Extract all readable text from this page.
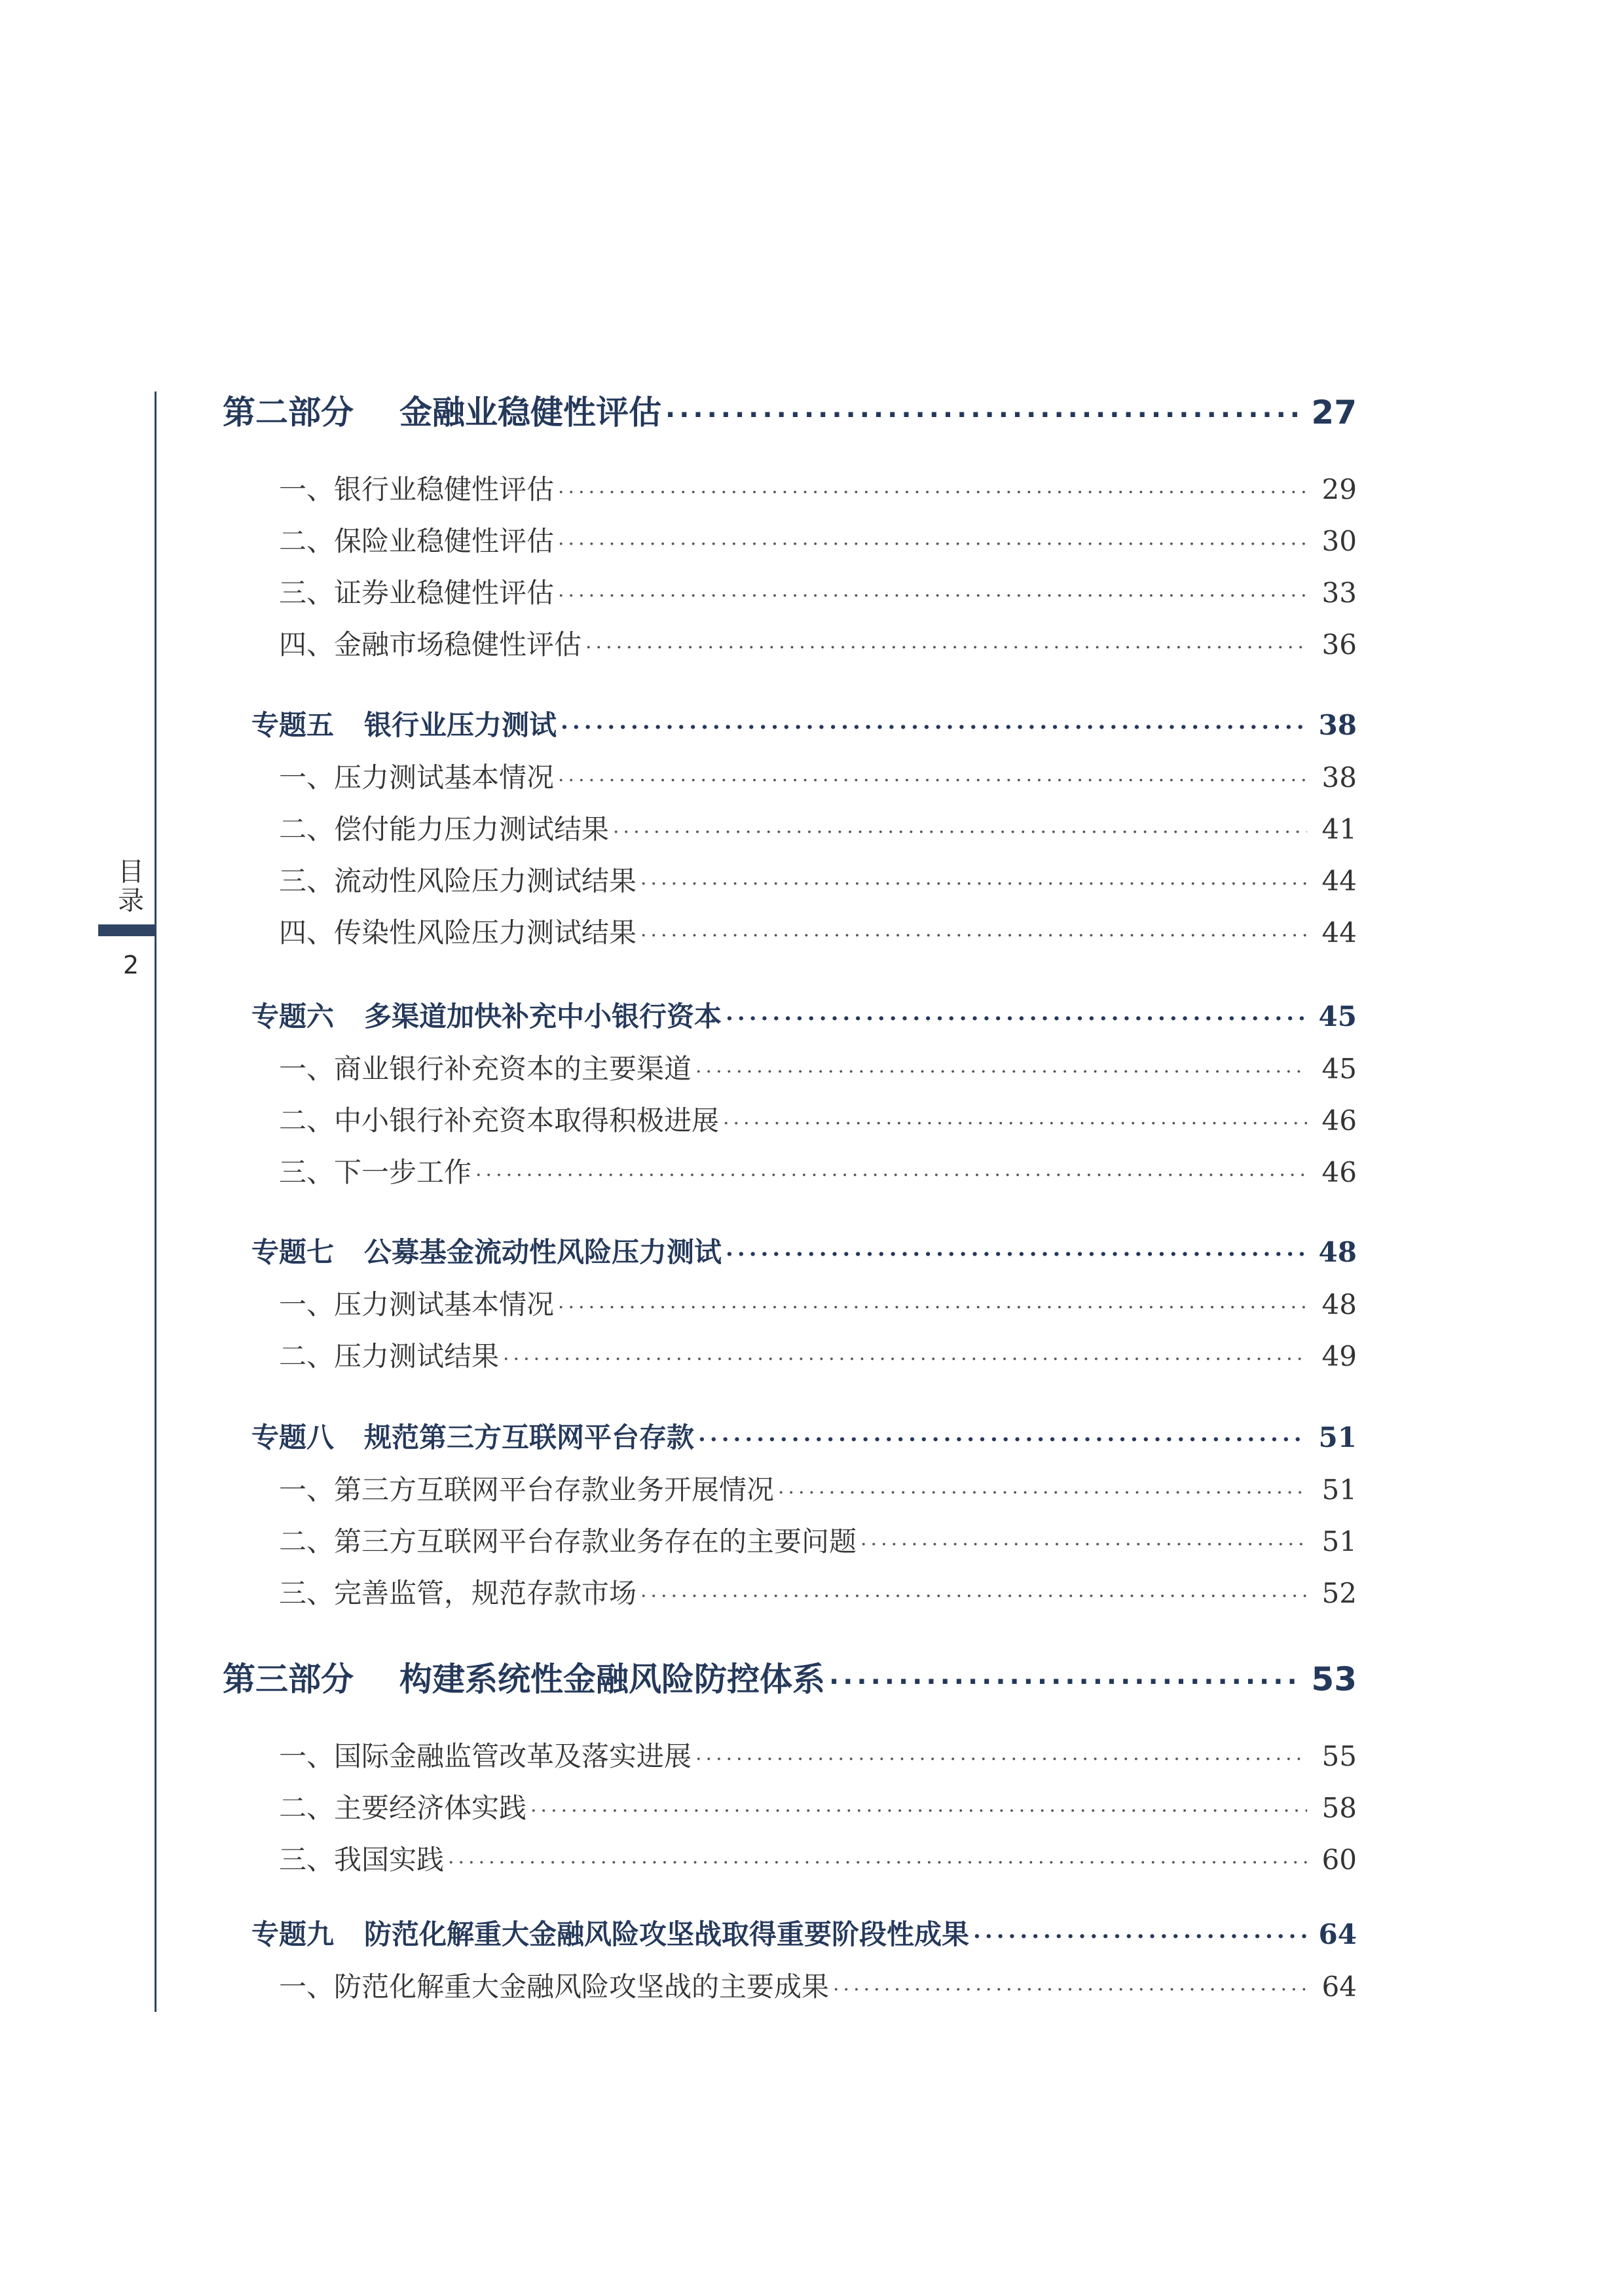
目录
2
第二部分 金融业稳健性评估 ·····	27
一、银行业稳健性评估 ·····	29
二、保险业稳健性评估 ·····	30
三、证券业稳健性评估 ·····	33
四、金融市场稳健性评估 ·····	36
专题五 银行业压力测试 ·····	38
一、压力测试基本情况 ·····	38
二、偿付能力压力测试结果 ·····	41
三、流动性风险压力测试结果 ·····	44
四、传染性风险压力测试结果 ·····	44
专题六 多渠道加快补充中小银行资本 ·····	45
一、商业银行补充资本的主要渠道 ·····	45
二、中小银行补充资本取得积极进展 ·····	46
三、下一步工作 ·····	46
专题七 公募基金流动性风险压力测试 ·····	48
一、压力测试基本情况 ·····	48
二、压力测试结果 ·····	49
专题八 规范第三方互联网平台存款 ·····	51
一、第三方互联网平台存款业务开展情况 ·····	51
二、第三方互联网平台存款业务存在的主要问题 ·····	51
三、完善监管，规范存款市场 ·····	52
第三部分 构建系统性金融风险防控体系 ·····	53
一、国际金融监管改革及落实进展 ·····	55
二、主要经济体实践 ·····	58
三、我国实践 ·····	60
专题九 防范化解重大金融风险攻坚战取得重要阶段性成果 ·····	64
一、防范化解重大金融风险攻坚战的主要成果 ·····	64
